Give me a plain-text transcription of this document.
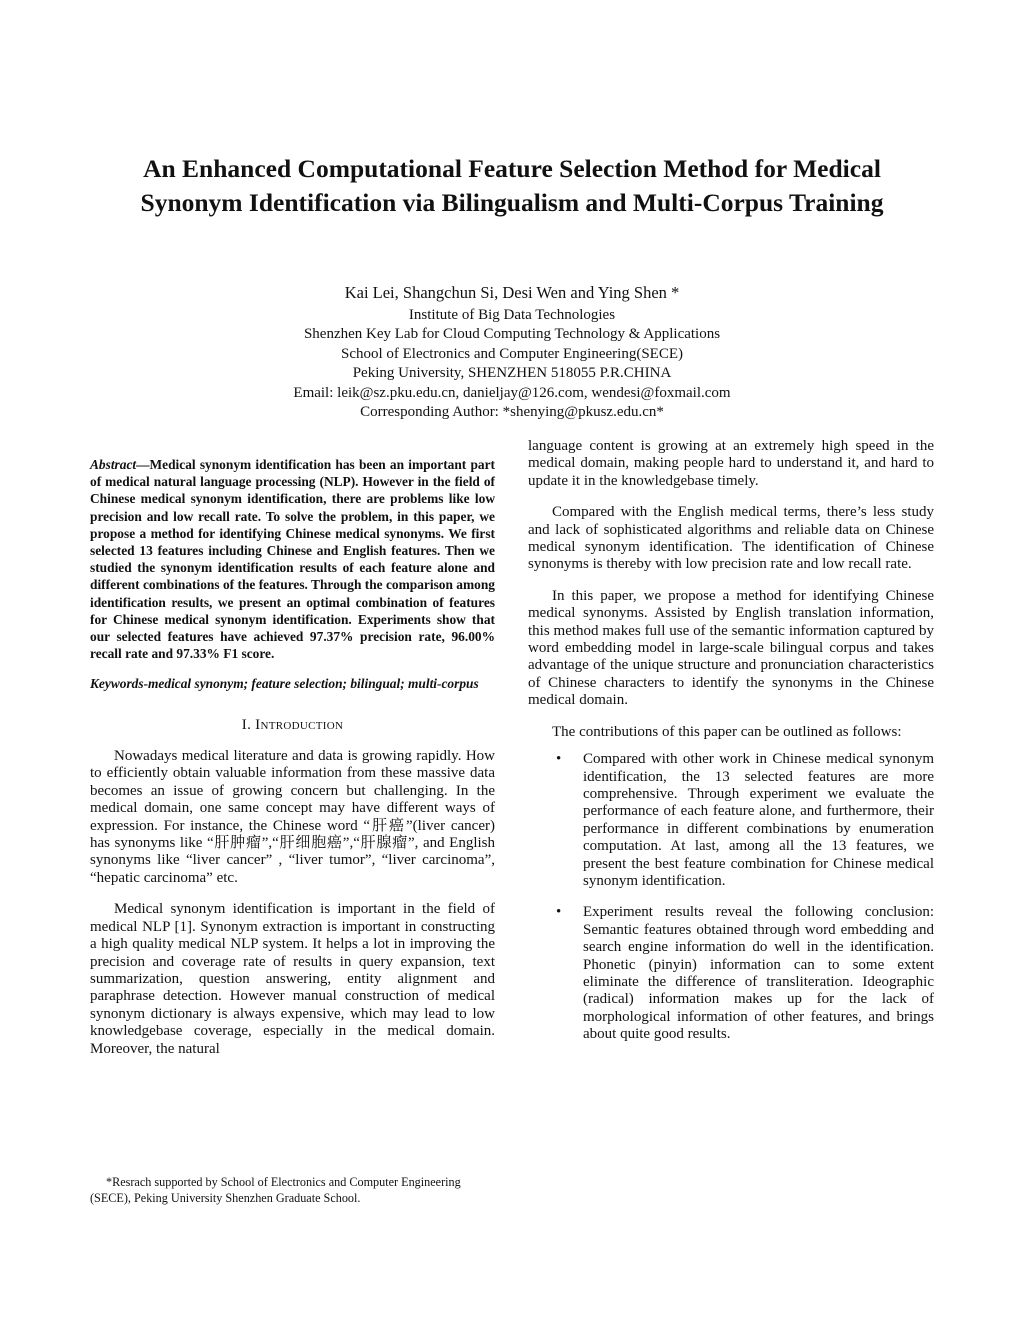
An Enhanced Computational Feature Selection Method for Medical
Synonym Identification via Bilingualism and Multi-Corpus Training
Kai Lei, Shangchun Si, Desi Wen and Ying Shen *
Institute of Big Data Technologies
Shenzhen Key Lab for Cloud Computing Technology & Applications
School of Electronics and Computer Engineering(SECE)
Peking University, SHENZHEN 518055 P.R.CHINA
Email: leik@sz.pku.edu.cn, danieljay@126.com, wendesi@foxmail.com
Corresponding Author: *shenying@pkusz.edu.cn*

Abstract—Medical synonym identification has been an important part of medical natural language processing (NLP). However in the field of Chinese medical synonym identification, there are problems like low precision and low recall rate. To solve the problem, in this paper, we propose a method for identifying Chinese medical synonyms. We first selected 13 features including Chinese and English features. Then we studied the synonym identification results of each feature alone and different combinations of the features. Through the comparison among identification results, we present an optimal combination of features for Chinese medical synonym identification. Experiments show that our selected features have achieved 97.37% precision rate, 96.00% recall rate and 97.33% F1 score.

Keywords-medical synonym; feature selection; bilingual; multi-corpus

I. Introduction

Nowadays medical literature and data is growing rapidly. How to efficiently obtain valuable information from these massive data becomes an issue of growing concern but challenging. In the medical domain, one same concept may have different ways of expression. For instance, the Chinese word “肝癌”(liver cancer) has synonyms like “肝肿瘤”,“肝细胞癌”,“肝腺瘤”, and English synonyms like “liver cancer” , “liver tumor”, “liver carcinoma”, “hepatic carcinoma” etc.

Medical synonym identification is important in the field of medical NLP [1]. Synonym extraction is important in constructing a high quality medical NLP system. It helps a lot in improving the precision and coverage rate of results in query expansion, text summarization, question answering, entity alignment and paraphrase detection. However manual construction of medical synonym dictionary is always expensive, which may lead to low knowledgebase coverage, especially in the medical domain. Moreover, the natural

language content is growing at an extremely high speed in the medical domain, making people hard to understand it, and hard to update it in the knowledgebase timely.

Compared with the English medical terms, there’s less study and lack of sophisticated algorithms and reliable data on Chinese medical synonym identification. The identification of Chinese synonyms is thereby with low precision rate and low recall rate.

In this paper, we propose a method for identifying Chinese medical synonyms. Assisted by English translation information, this method makes full use of the semantic information captured by word embedding model in large-scale bilingual corpus and takes advantage of the unique structure and pronunciation characteristics of Chinese characters to identify the synonyms in the Chinese medical domain.

The contributions of this paper can be outlined as follows:

• Compared with other work in Chinese medical synonym identification, the 13 selected features are more comprehensive. Through experiment we evaluate the performance of each feature alone, and furthermore, their performance in different combinations by enumeration computation. At last, among all the 13 features, we present the best feature combination for Chinese medical synonym identification.
• Experiment results reveal the following conclusion: Semantic features obtained through word embedding and search engine information do well in the identification. Phonetic (pinyin) information can to some extent eliminate the difference of transliteration. Ideographic (radical) information makes up for the lack of morphological information of other features, and brings about quite good results.

*Resrach supported by School of Electronics and Computer Engineering (SECE), Peking University Shenzhen Graduate School.
